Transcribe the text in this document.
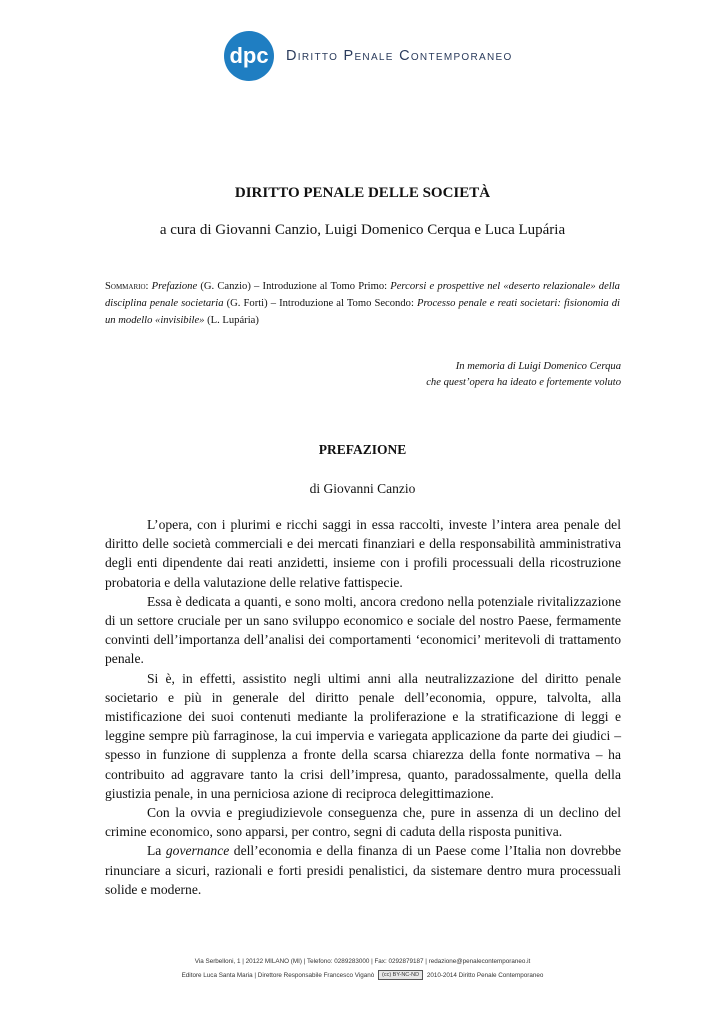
dpc Diritto Penale Contemporaneo
DIRITTO PENALE DELLE SOCIETÀ
a cura di Giovanni Canzio, Luigi Domenico Cerqua e Luca Lupária
Sommario: Prefazione (G. Canzio) – Introduzione al Tomo Primo: Percorsi e prospettive nel «deserto relazionale» della disciplina penale societaria (G. Forti) – Introduzione al Tomo Secondo: Processo penale e reati societari: fisionomia di un modello «invisibile» (L. Lupária)
In memoria di Luigi Domenico Cerqua
che quest’opera ha ideato e fortemente voluto
PREFAZIONE
di Giovanni Canzio

L’opera, con i plurimi e ricchi saggi in essa raccolti, investe l’intera area penale del diritto delle società commerciali e dei mercati finanziari e della responsabilità amministrativa degli enti dipendente dai reati anzidetti, insieme con i profili processuali della ricostruzione probatoria e della valutazione delle relative fattispecie.

Essa è dedicata a quanti, e sono molti, ancora credono nella potenziale rivitalizzazione di un settore cruciale per un sano sviluppo economico e sociale del nostro Paese, fermamente convinti dell’importanza dell’analisi dei comportamenti ‘economici’ meritevoli di trattamento penale.

Si è, in effetti, assistito negli ultimi anni alla neutralizzazione del diritto penale societario e più in generale del diritto penale dell’economia, oppure, talvolta, alla mistificazione dei suoi contenuti mediante la proliferazione e la stratificazione di leggi e leggine sempre più farraginose, la cui impervia e variegata applicazione da parte dei giudici – spesso in funzione di supplenza a fronte della scarsa chiarezza della fonte normativa – ha contribuito ad aggravare tanto la crisi dell’impresa, quanto, paradossalmente, quella della giustizia penale, in una perniciosa azione di reciproca delegittimazione.

Con la ovvia e pregiudizievole conseguenza che, pure in assenza di un declino del crimine economico, sono apparsi, per contro, segni di caduta della risposta punitiva.

La governance dell’economia e della finanza di un Paese come l’Italia non dovrebbe rinunciare a sicuri, razionali e forti presidi penalistici, da sistemare dentro mura processuali solide e moderne.

Via Serbelloni, 1 | 20122 MILANO (MI) | Telefono: 0289283000 | Fax: 0292879187 | redazione@penalecontemporaneo.it
Editore Luca Santa Maria | Direttore Responsabile Francesco Viganò (cc) BY-NC-ND 2010-2014 Diritto Penale Contemporaneo
